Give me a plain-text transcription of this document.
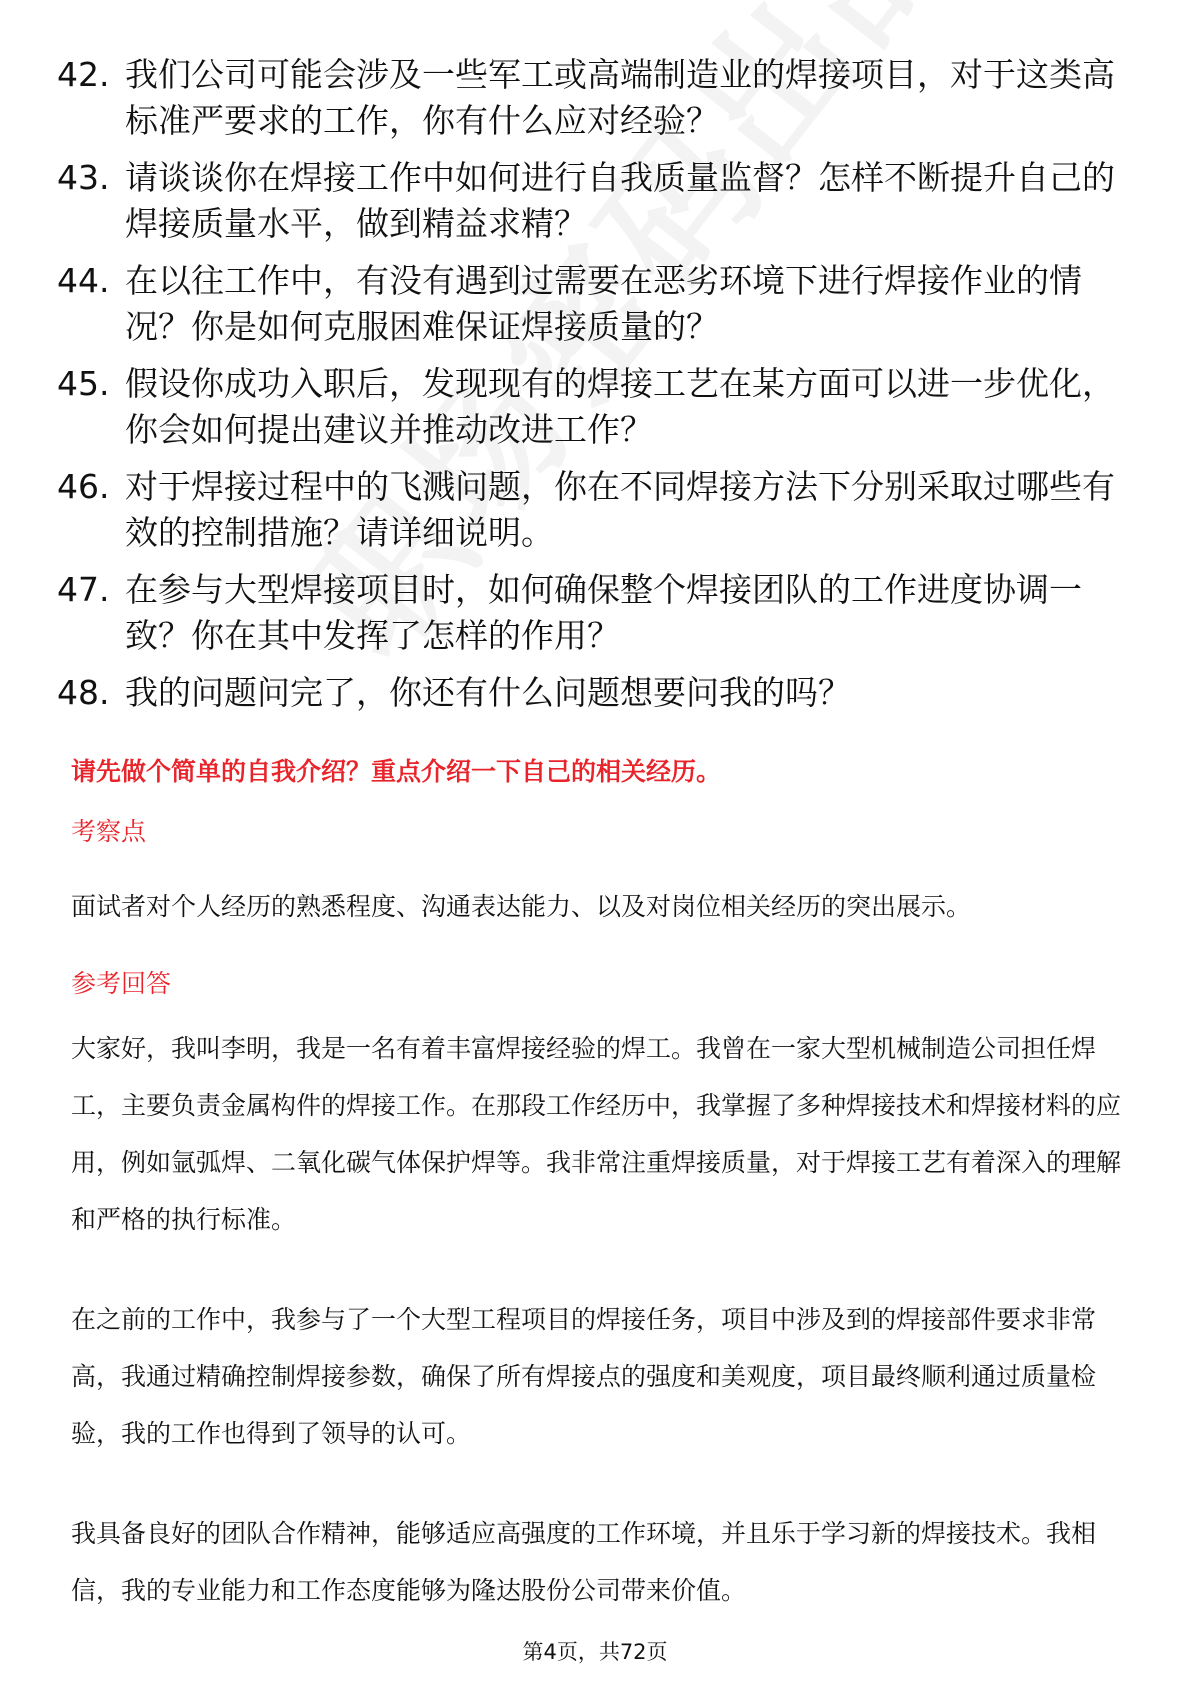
42. 我们公司可能会涉及一些军工或高端制造业的焊接项目，对于这类高标准严要求的工作，你有什么应对经验？
43. 请谈谈你在焊接工作中如何进行自我质量监督？怎样不断提升自己的焊接质量水平，做到精益求精？
44. 在以往工作中，有没有遇到过需要在恶劣环境下进行焊接作业的情况？你是如何克服困难保证焊接质量的？
45. 假设你成功入职后，发现现有的焊接工艺在某方面可以进一步优化，你会如何提出建议并推动改进工作？
46. 对于焊接过程中的飞溅问题，你在不同焊接方法下分别采取过哪些有效的控制措施？请详细说明。
47. 在参与大型焊接项目时，如何确保整个焊接团队的工作进度协调一致？你在其中发挥了怎样的作用？
48. 我的问题问完了，你还有什么问题想要问我的吗？
请先做个简单的自我介绍？重点介绍一下自己的相关经历。
考察点
面试者对个人经历的熟悉程度、沟通表达能力、以及对岗位相关经历的突出展示。
参考回答
大家好，我叫李明，我是一名有着丰富焊接经验的焊工。我曾在一家大型机械制造公司担任焊工，主要负责金属构件的焊接工作。在那段工作经历中，我掌握了多种焊接技术和焊接材料的应用，例如氩弧焊、二氧化碳气体保护焊等。我非常注重焊接质量，对于焊接工艺有着深入的理解和严格的执行标准。
在之前的工作中，我参与了一个大型工程项目的焊接任务，项目中涉及到的焊接部件要求非常高，我通过精确控制焊接参数，确保了所有焊接点的强度和美观度，项目最终顺利通过质量检验，我的工作也得到了领导的认可。
我具备良好的团队合作精神，能够适应高强度的工作环境，并且乐于学习新的焊接技术。我相信，我的专业能力和工作态度能够为隆达股份公司带来价值。
第4页，共72页
